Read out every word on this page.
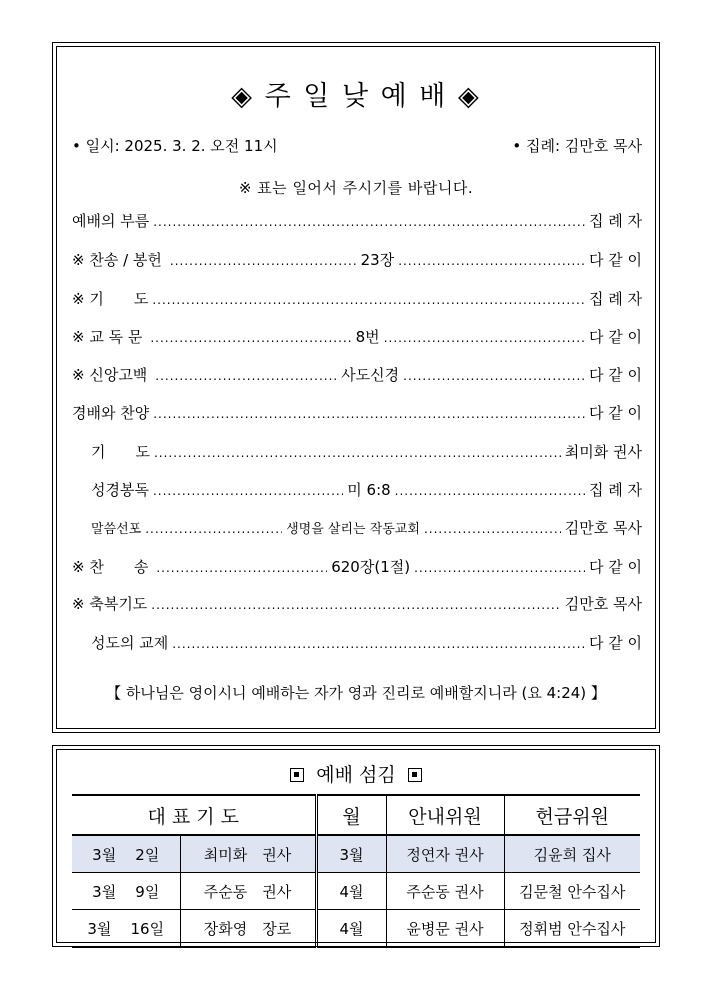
◈ 주 일 낮 예 배 ◈
• 일시: 2025. 3. 2. 오전 11시	• 집례: 김만호 목사
※ 표는 일어서 주시기를 바랍니다.
예배의 부름 .....	집 례 자
※ 찬송 / 봉헌 .....	23장 .....	다 같 이
※ 기　　도 .....	집 례 자
※ 교 독 문 .....	8번 .....	다 같 이
※ 신앙고백 .....	사도신경 .....	다 같 이
경배와 찬양 .....	다 같 이
기　　도 .....	최미화 권사
성경봉독 .....	미 6:8 .....	집 례 자
말씀선포 .....	생명을 살리는 작동교회 .....	김만호 목사
※ 찬　　송 .....	620장(1절) .....	다 같 이
※ 축복기도 .....	김만호 목사
성도의 교제 .....	다 같 이
【 하나님은 영이시니 예배하는 자가 영과 진리로 예배할지니라 (요 4:24) 】
예배 섬김
대 표 기 도		월	안내위원	헌금위원
3월 2일	최미화　권사	3월	정연자 권사	김윤희 집사
3월 9일	주순동　권사	4월	주순동 권사	김문철 안수집사
3월 16일	장화영　장로	4월	윤병문 권사	정휘범 안수집사
